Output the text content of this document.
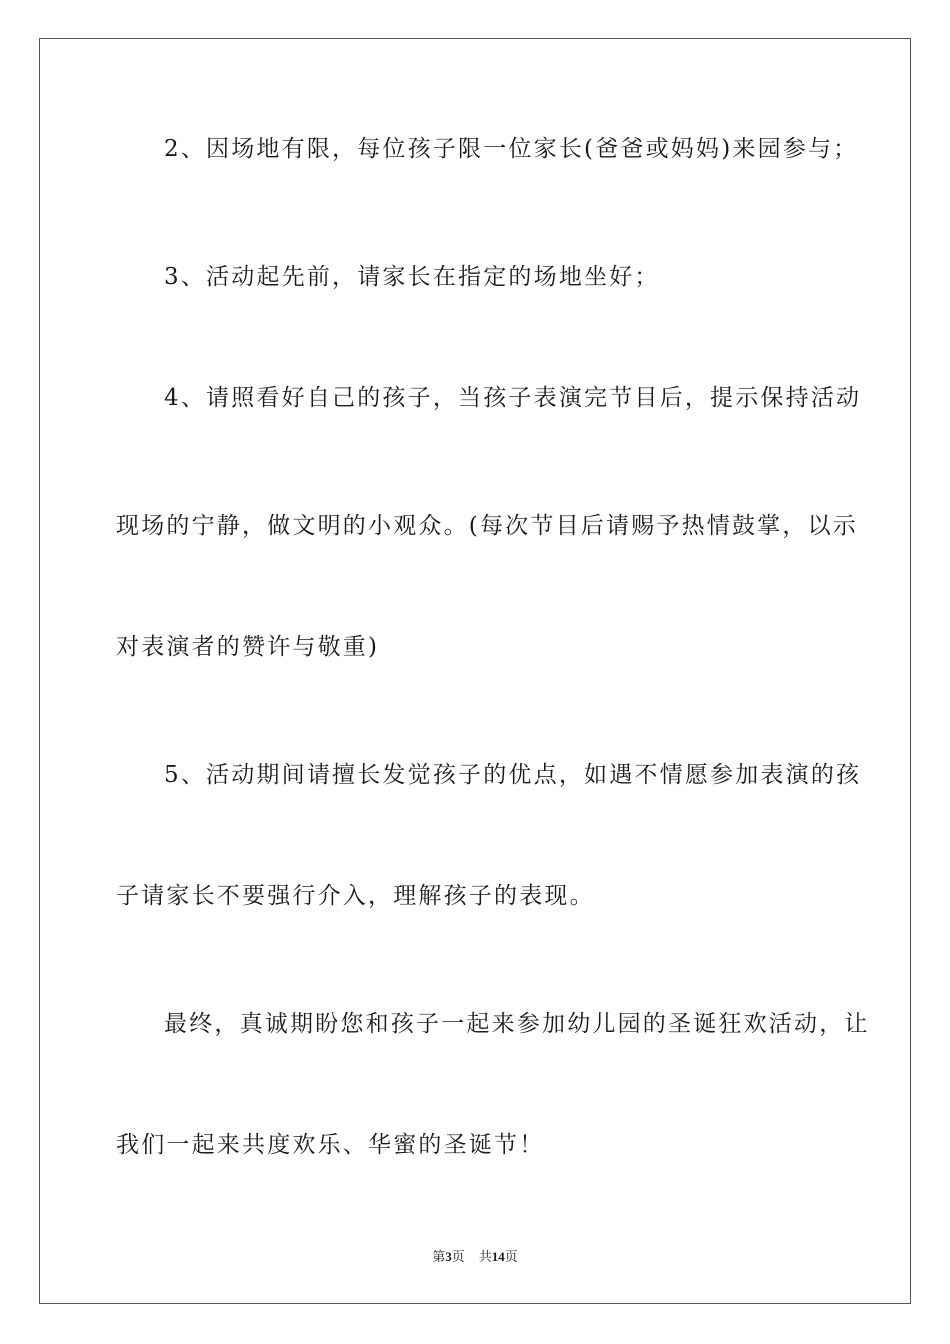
2、因场地有限，每位孩子限一位家长(爸爸或妈妈)来园参与；
3、活动起先前，请家长在指定的场地坐好；
4、请照看好自己的孩子，当孩子表演完节目后，提示保持活动
现场的宁静，做文明的小观众。(每次节目后请赐予热情鼓掌，以示
对表演者的赞许与敬重)
5、活动期间请擅长发觉孩子的优点，如遇不情愿参加表演的孩
子请家长不要强行介入，理解孩子的表现。
最终，真诚期盼您和孩子一起来参加幼儿园的圣诞狂欢活动，让
我们一起来共度欢乐、华蜜的圣诞节！
第3页 共14页
